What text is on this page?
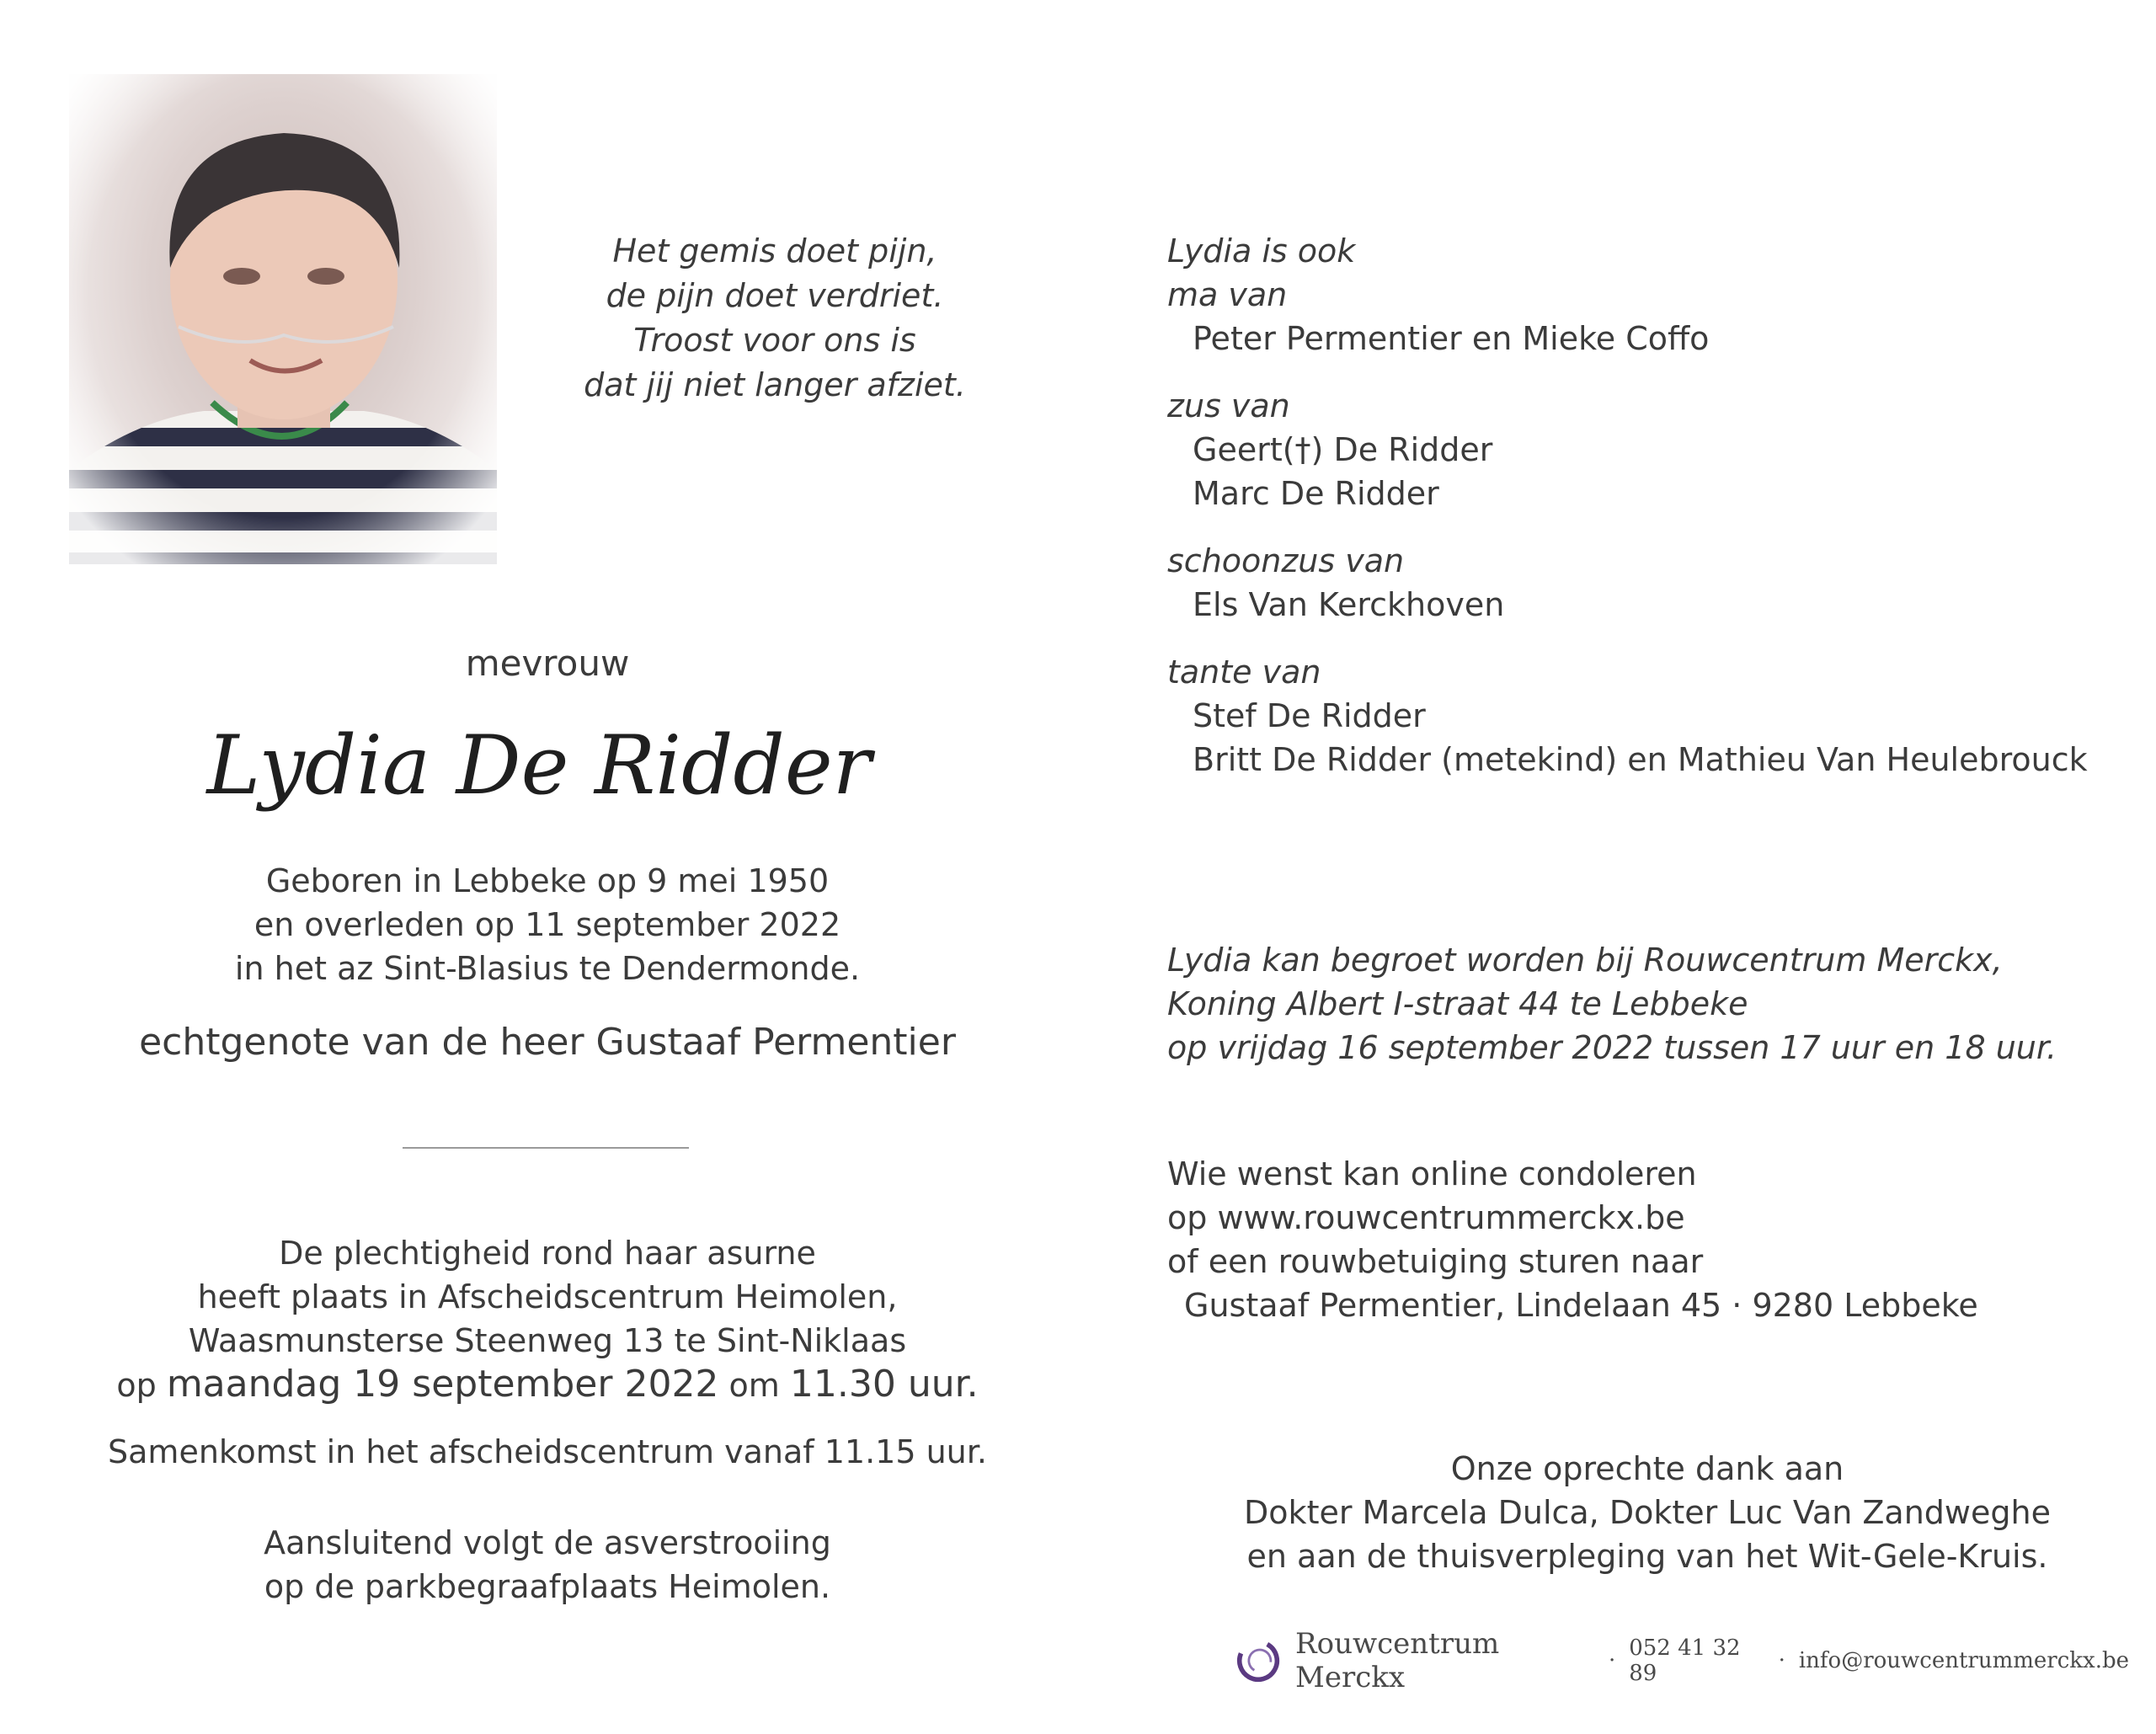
Het gemis doet pijn,
de pijn doet verdriet.
Troost voor ons is
dat jij niet langer afziet.
mevrouw
Lydia De Ridder
Geboren in Lebbeke op 9 mei 1950
en overleden op 11 september 2022
in het az Sint-Blasius te Dendermonde.
echtgenote van de heer Gustaaf Permentier
De plechtigheid rond haar asurne
heeft plaats in Afscheidscentrum Heimolen,
Waasmunsterse Steenweg 13 te Sint-Niklaas
op maandag 19 september 2022 om 11.30 uur.
Samenkomst in het afscheidscentrum vanaf 11.15 uur.
Aansluitend volgt de asverstrooiing
op de parkbegraafplaats Heimolen.
Lydia is ook
ma van
Peter Permentier en Mieke Coffo
zus van
Geert(†) De Ridder
Marc De Ridder
schoonzus van
Els Van Kerckhoven
tante van
Stef De Ridder
Britt De Ridder (metekind) en Mathieu Van Heulebrouck
Lydia kan begroet worden bij Rouwcentrum Merckx,
Koning Albert I-straat 44 te Lebbeke
op vrijdag 16 september 2022 tussen 17 uur en 18 uur.
Wie wenst kan online condoleren
op www.rouwcentrummerckx.be
of een rouwbetuiging sturen naar
Gustaaf Permentier, Lindelaan 45 · 9280 Lebbeke
Onze oprechte dank aan
Dokter Marcela Dulca, Dokter Luc Van Zandweghe
en aan de thuisverpleging van het Wit-Gele-Kruis.
Rouwcentrum Merckx	· 052 41 32 89	· info@rouwcentrummerckx.be
